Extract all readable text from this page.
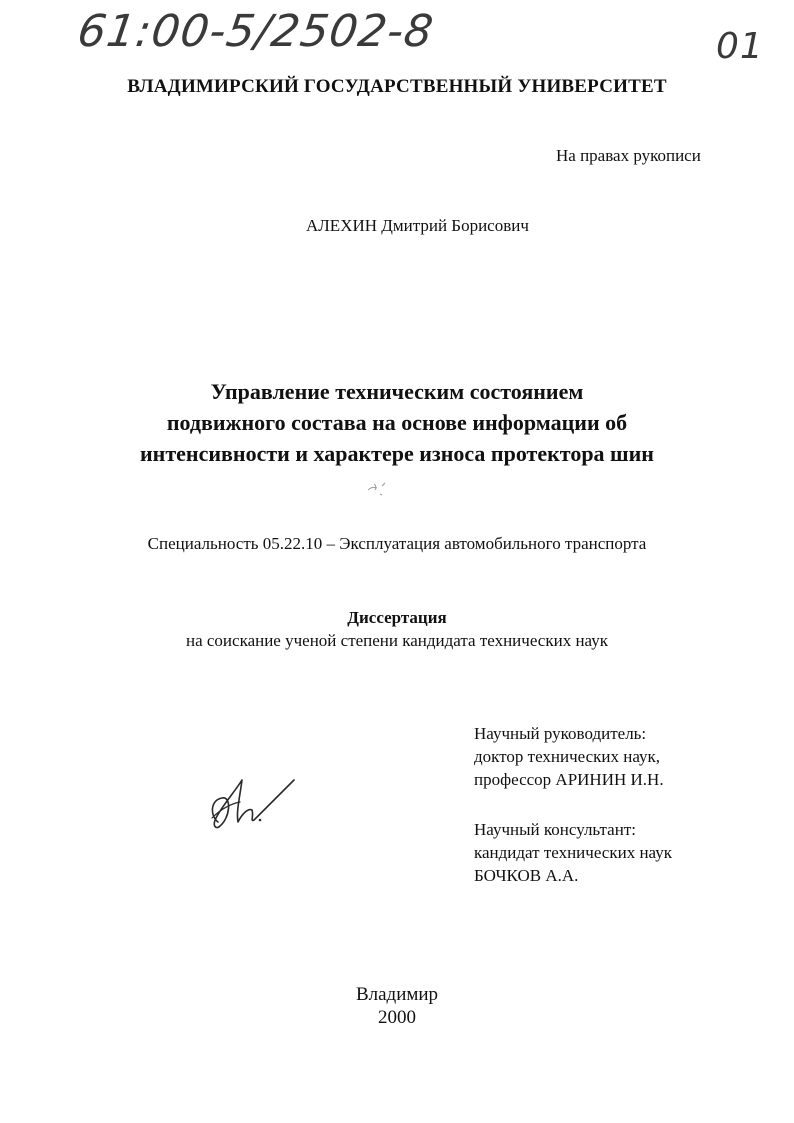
61:00-5/2502-8	01
ВЛАДИМИРСКИЙ ГОСУДАРСТВЕННЫЙ УНИВЕРСИТЕТ
На правах рукописи
АЛЕХИН Дмитрий Борисович
Управление техническим состоянием
подвижного состава на основе информации об
интенсивности и характере износа протектора шин
Специальность 05.22.10 – Эксплуатация автомобильного транспорта
Диссертация
на соискание ученой степени кандидата технических наук
Научный руководитель:
доктор технических наук,
профессор АРИНИН И.Н.
Научный консультант:
кандидат технических наук
БОЧКОВ А.А.
Владимир
2000
